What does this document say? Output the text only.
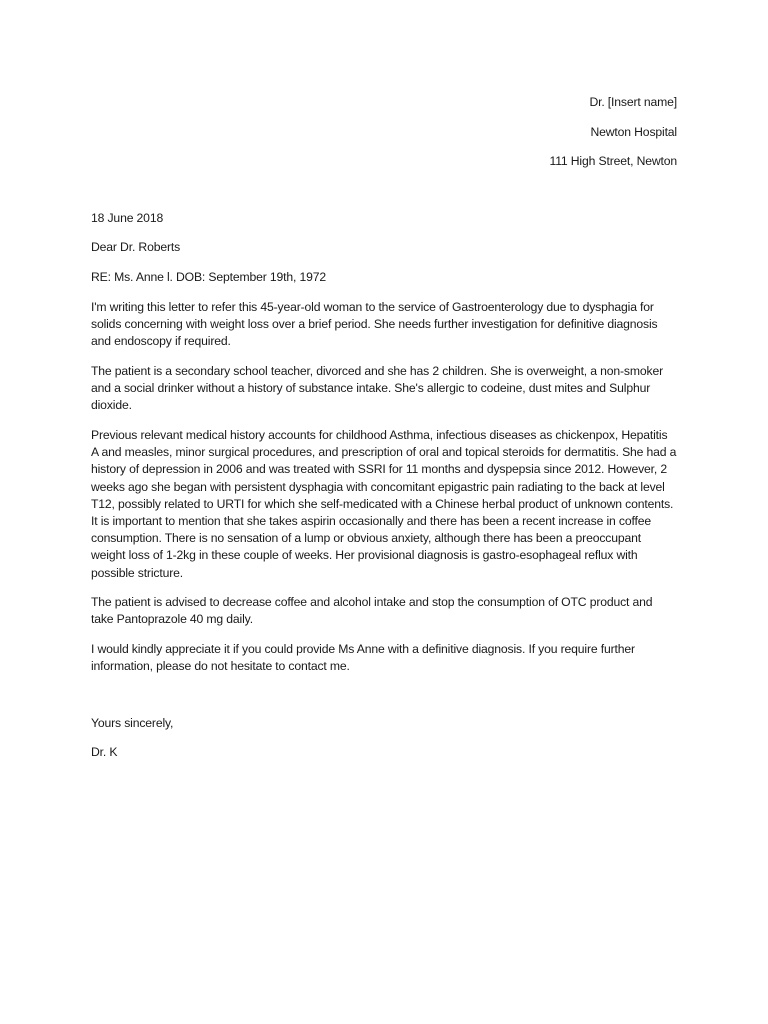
Dr. [Insert name]

Newton Hospital

111 High Street, Newton

18 June 2018

Dear Dr. Roberts

RE: Ms. Anne l. DOB: September 19th, 1972

I'm writing this letter to refer this 45-year-old woman to the service of Gastroenterology due to dysphagia for solids concerning with weight loss over a brief period. She needs further investigation for definitive diagnosis and endoscopy if required.

The patient is a secondary school teacher, divorced and she has 2 children. She is overweight, a non-smoker and a social drinker without a history of substance intake. She's allergic to codeine, dust mites and Sulphur dioxide.

Previous relevant medical history accounts for childhood Asthma, infectious diseases as chickenpox, Hepatitis A and measles, minor surgical procedures, and prescription of oral and topical steroids for dermatitis. She had a history of depression in 2006 and was treated with SSRI for 11 months and dyspepsia since 2012. However, 2 weeks ago she began with persistent dysphagia with concomitant epigastric pain radiating to the back at level T12, possibly related to URTI for which she self-medicated with a Chinese herbal product of unknown contents. It is important to mention that she takes aspirin occasionally and there has been a recent increase in coffee consumption. There is no sensation of a lump or obvious anxiety, although there has been a preoccupant weight loss of 1-2kg in these couple of weeks. Her provisional diagnosis is gastro-esophageal reflux with possible stricture.

The patient is advised to decrease coffee and alcohol intake and stop the consumption of OTC product and take Pantoprazole 40 mg daily.

I would kindly appreciate it if you could provide Ms Anne with a definitive diagnosis. If you require further information, please do not hesitate to contact me.

Yours sincerely,

Dr. K
